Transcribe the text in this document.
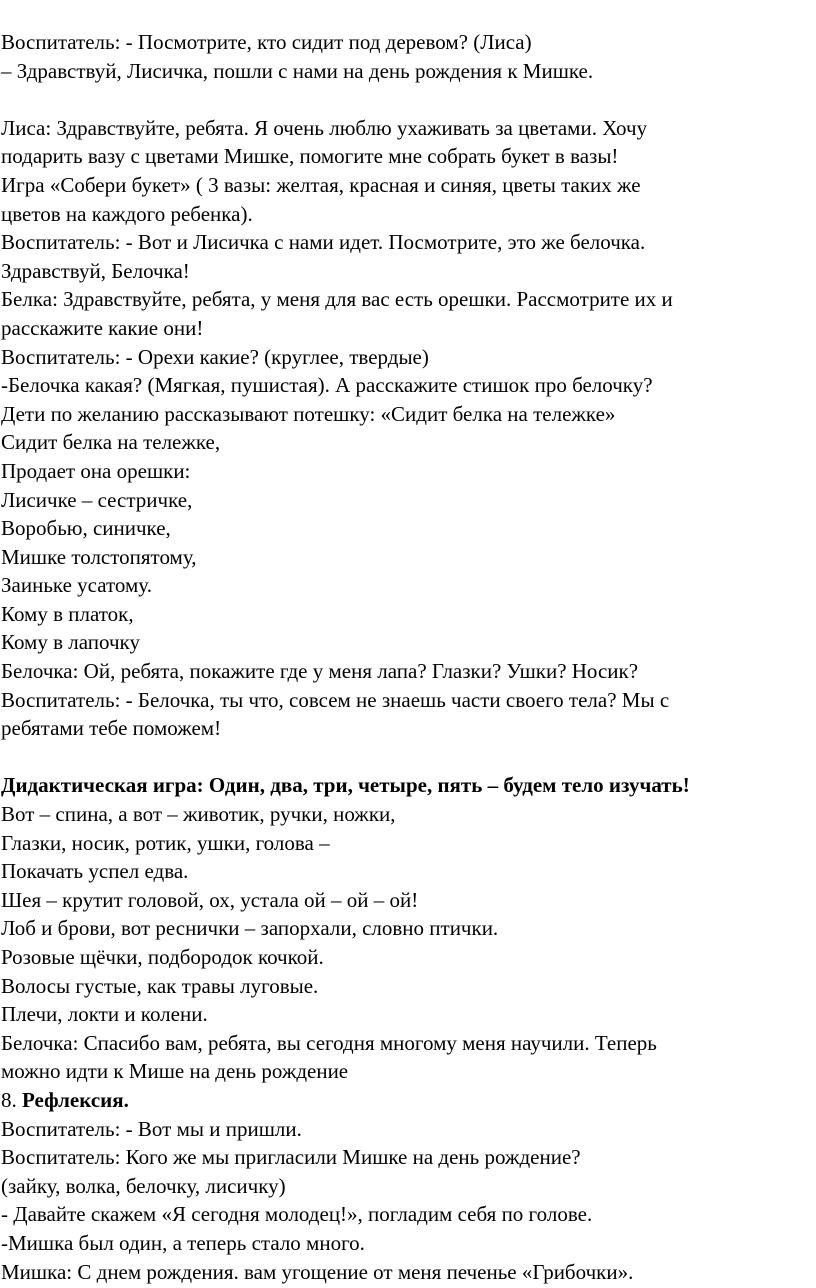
Воспитатель: - Посмотрите, кто сидит под деревом? (Лиса)
– Здравствуй, Лисичка, пошли с нами на день рождения к Мишке.
Лиса: Здравствуйте, ребята. Я очень люблю ухаживать за цветами. Хочу
подарить вазу с цветами Мишке, помогите мне собрать букет в вазы!
Игра «Собери букет» ( 3 вазы: желтая, красная и синяя, цветы таких же
цветов на каждого ребенка).
Воспитатель: - Вот и Лисичка с нами идет. Посмотрите, это же белочка.
Здравствуй, Белочка!
Белка: Здравствуйте, ребята, у меня для вас есть орешки. Рассмотрите их и
расскажите какие они!
Воспитатель: - Орехи какие? (круглее, твердые)
-Белочка какая? (Мягкая, пушистая). А расскажите стишок про белочку?
Дети по желанию рассказывают потешку: «Сидит белка на тележке»
Сидит белка на тележке,
Продает она орешки:
Лисичке – сестричке,
Воробью, синичке,
Мишке толстопятому,
Заиньке усатому.
Кому в платок,
Кому в лапочку
Белочка: Ой, ребята, покажите где у меня лапа? Глазки? Ушки? Носик?
Воспитатель: - Белочка, ты что, совсем не знаешь части своего тела? Мы с
ребятами тебе поможем!
Дидактическая игра: Один, два, три, четыре, пять – будем тело изучать!
Вот – спина, а вот – животик, ручки, ножки,
Глазки, носик, ротик, ушки, голова –
Покачать успел едва.
Шея – крутит головой, ох, устала ой – ой – ой!
Лоб и брови, вот реснички – запорхали, словно птички.
Розовые щёчки, подбородок кочкой.
Волосы густые, как травы луговые.
Плечи, локти и колени.
Белочка: Спасибо вам, ребята, вы сегодня многому меня научили. Теперь
можно идти к Мише на день рождение
8. Рефлексия.
Воспитатель: - Вот мы и пришли.
Воспитатель: Кого же мы пригласили Мишке на день рождение?
(зайку, волка, белочку, лисичку)
- Давайте скажем «Я сегодня молодец!», погладим себя по голове.
-Мишка был один, а теперь стало много.
Мишка: С днем рождения. вам угощение от меня печенье «Грибочки».
